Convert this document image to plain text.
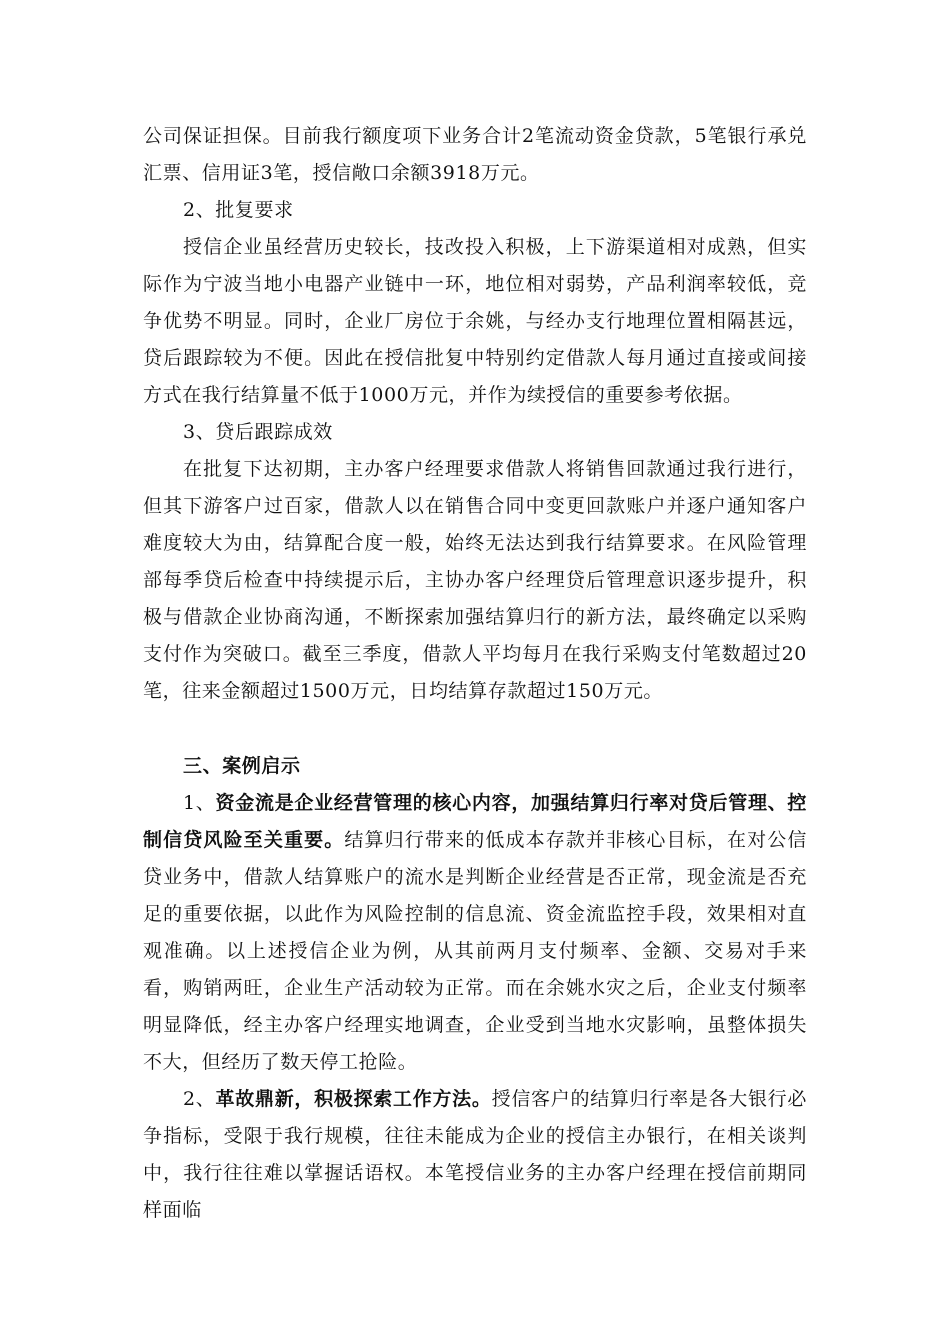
公司保证担保。目前我行额度项下业务合计2笔流动资金贷款，5笔银行承兑汇票、信用证3笔，授信敞口余额3918万元。

2、批复要求

授信企业虽经营历史较长，技改投入积极，上下游渠道相对成熟，但实际作为宁波当地小电器产业链中一环，地位相对弱势，产品利润率较低，竞争优势不明显。同时，企业厂房位于余姚，与经办支行地理位置相隔甚远，贷后跟踪较为不便。因此在授信批复中特别约定借款人每月通过直接或间接方式在我行结算量不低于1000万元，并作为续授信的重要参考依据。

3、贷后跟踪成效

在批复下达初期，主办客户经理要求借款人将销售回款通过我行进行，但其下游客户过百家，借款人以在销售合同中变更回款账户并逐户通知客户难度较大为由，结算配合度一般，始终无法达到我行结算要求。在风险管理部每季贷后检查中持续提示后，主协办客户经理贷后管理意识逐步提升，积极与借款企业协商沟通，不断探索加强结算归行的新方法，最终确定以采购支付作为突破口。截至三季度，借款人平均每月在我行采购支付笔数超过20笔，往来金额超过1500万元，日均结算存款超过150万元。

三、案例启示

1、资金流是企业经营管理的核心内容，加强结算归行率对贷后管理、控制信贷风险至关重要。结算归行带来的低成本存款并非核心目标，在对公信贷业务中，借款人结算账户的流水是判断企业经营是否正常，现金流是否充足的重要依据，以此作为风险控制的信息流、资金流监控手段，效果相对直观准确。以上述授信企业为例，从其前两月支付频率、金额、交易对手来看，购销两旺，企业生产活动较为正常。而在余姚水灾之后，企业支付频率明显降低，经主办客户经理实地调查，企业受到当地水灾影响，虽整体损失不大，但经历了数天停工抢险。

2、革故鼎新，积极探索工作方法。授信客户的结算归行率是各大银行必争指标，受限于我行规模，往往未能成为企业的授信主办银行，在相关谈判中，我行往往难以掌握话语权。本笔授信业务的主办客户经理在授信前期同样面临
